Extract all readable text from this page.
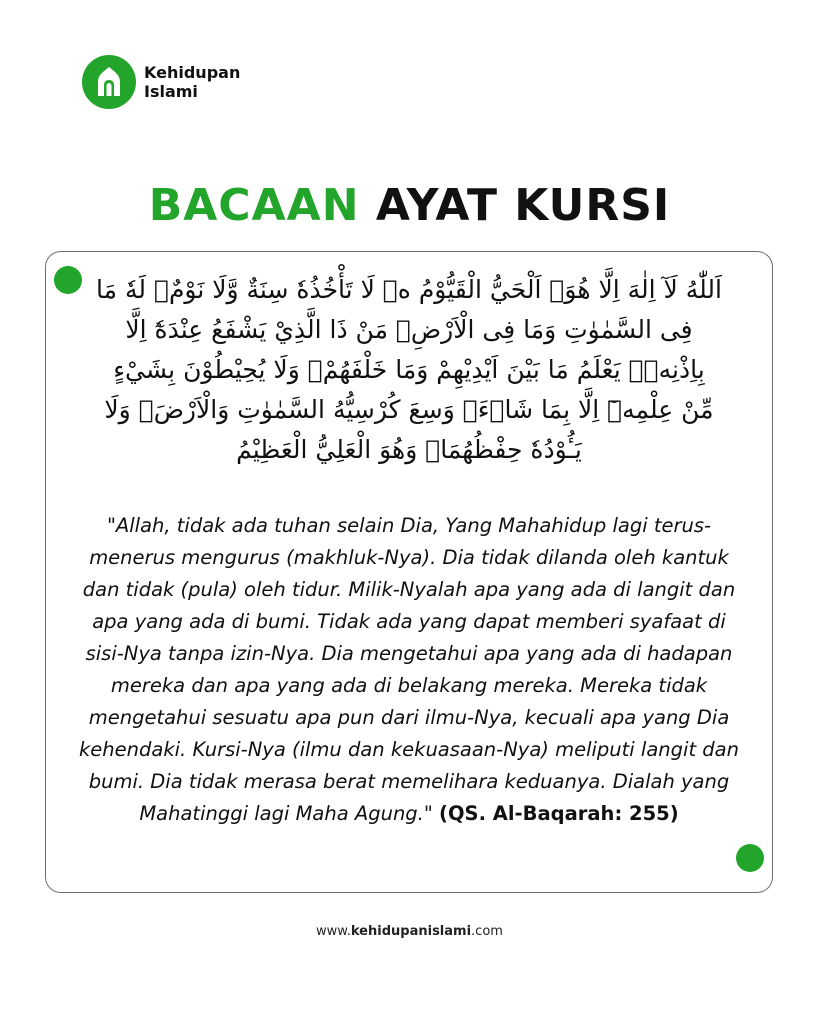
Kehidupan
Islami
BACAAN AYAT KURSI
اَللّٰهُ لَآ اِلٰهَ اِلَّا هُوَۚ اَلْحَيُّ الْقَيُّوْمُ ەۚ لَا تَأْخُذُهٗ سِنَةٌ وَّلَا نَوْمٌۗ لَهٗ مَا فِى السَّمٰوٰتِ وَمَا فِى الْاَرْضِۗ مَنْ ذَا الَّذِيْ يَشْفَعُ عِنْدَهٗٓ اِلَّا بِاِذْنِهٖۗ يَعْلَمُ مَا بَيْنَ اَيْدِيْهِمْ وَمَا خَلْفَهُمْۚ وَلَا يُحِيْطُوْنَ بِشَيْءٍ مِّنْ عِلْمِهٖٓ اِلَّا بِمَا شَاۤءَۚ وَسِعَ كُرْسِيُّهُ السَّمٰوٰتِ وَالْاَرْضَۚ وَلَا يَـُٔوْدُهٗ حِفْظُهُمَاۚ وَهُوَ الْعَلِيُّ الْعَظِيْمُ
"Allah, tidak ada tuhan selain Dia, Yang Mahahidup lagi terus-menerus mengurus (makhluk-Nya). Dia tidak dilanda oleh kantuk dan tidak (pula) oleh tidur. Milik-Nyalah apa yang ada di langit dan apa yang ada di bumi. Tidak ada yang dapat memberi syafaat di sisi-Nya tanpa izin-Nya. Dia mengetahui apa yang ada di hadapan mereka dan apa yang ada di belakang mereka. Mereka tidak mengetahui sesuatu apa pun dari ilmu-Nya, kecuali apa yang Dia kehendaki. Kursi-Nya (ilmu dan kekuasaan-Nya) meliputi langit dan bumi. Dia tidak merasa berat memelihara keduanya. Dialah yang Mahatinggi lagi Maha Agung." (QS. Al-Baqarah: 255)
www.kehidupanislami.com
